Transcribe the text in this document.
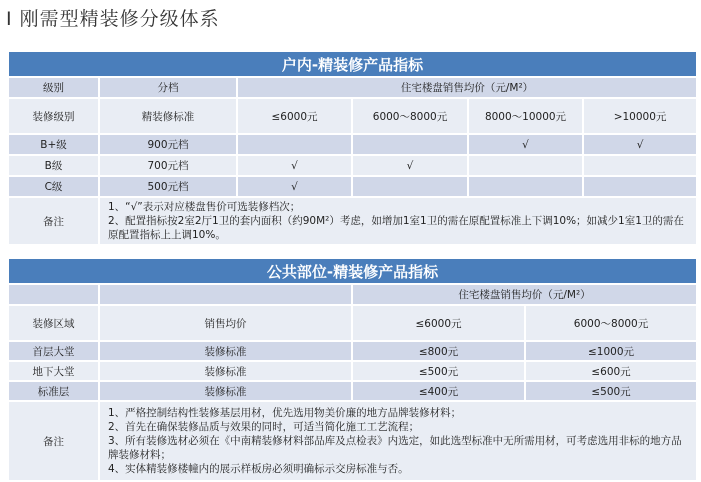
Ⅰ 刚需型精装修分级体系
户内-精装修产品指标					
级别	分档	住宅楼盘销售均价（元/M²）			
装修级别	精装修标准	≤6000元	6000～8000元	8000～10000元	>10000元
B+级	900元档			√	√
B级	700元档	√	√		
C级	500元档	√			
备注	1、“√”表示对应楼盘售价可选装修档次；
2、配置指标按2室2厅1卫的套内面积（约90M²）考虑，如增加1室1卫的需在原配置标准上下调10%；如减少1室1卫的需在原配置指标上上调10%。				
公共部位-精装修产品指标			
		住宅楼盘销售均价（元/M²）	
装修区域	销售均价	≤6000元	6000～8000元
首层大堂	装修标准	≤800元	≤1000元
地下大堂	装修标准	≤500元	≤600元
标准层	装修标准	≤400元	≤500元
备注	1、严格控制结构性装修基层用材，优先选用物美价廉的地方品牌装修材料；
2、首先在确保装修品质与效果的同时，可适当简化施工工艺流程；
3、所有装修选材必须在《中南精装修材料部品库及点检表》内选定，如此选型标准中无所需用材，可考虑选用非标的地方品牌装修材料；
4、实体精装修楼幢内的展示样板房必须明确标示交房标准与否。		
